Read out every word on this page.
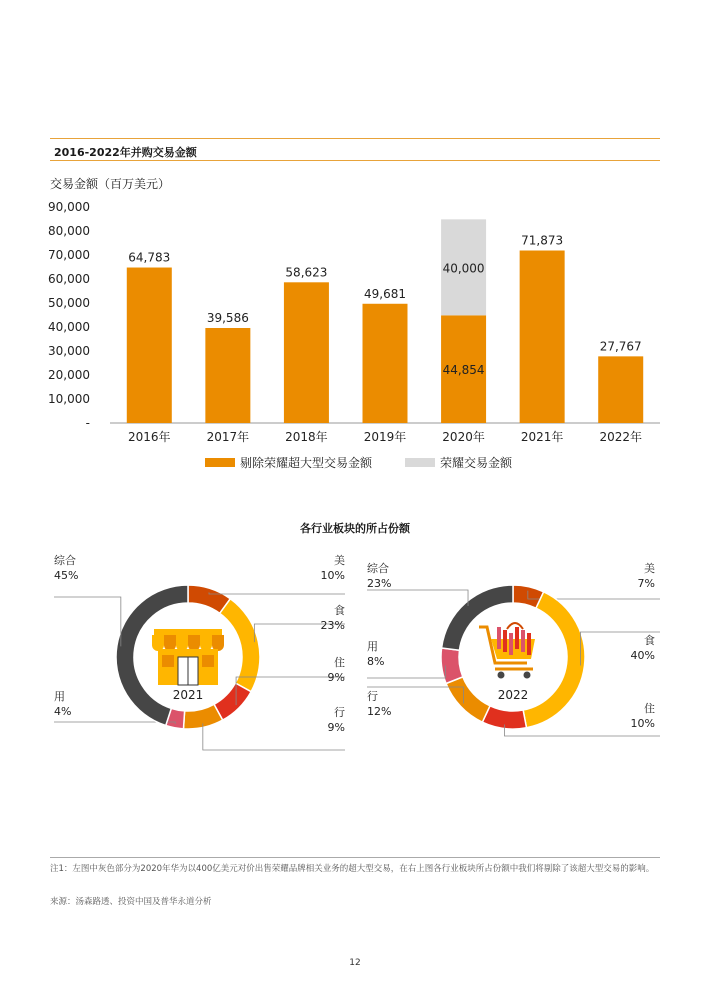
2016-2022年并购交易金额
交易金额（百万美元）
-
10,000
20,000
30,000
40,000
50,000
60,000
70,000
80,000
90,000
64,783
2016年
39,586
2017年
58,623
2018年
49,681
2019年
40,000
44,854
2020年
71,873
2021年
27,767
2022年
剔除荣耀超大型交易金额	荣耀交易金额
各行业板块的所占份额
美
10%
食
23%
住
9%
行
9%
用
4%
综合
45%
2021
美
7%
食
40%
住
10%
行
12%
用
8%
综合
23%
2022
注1：左图中灰色部分为2020年华为以400亿美元对价出售荣耀品牌相关业务的超大型交易，在右上图各行业板块所占份额中我们将剔除了该超大型交易的影响。
来源：汤森路透、投资中国及普华永道分析
12
